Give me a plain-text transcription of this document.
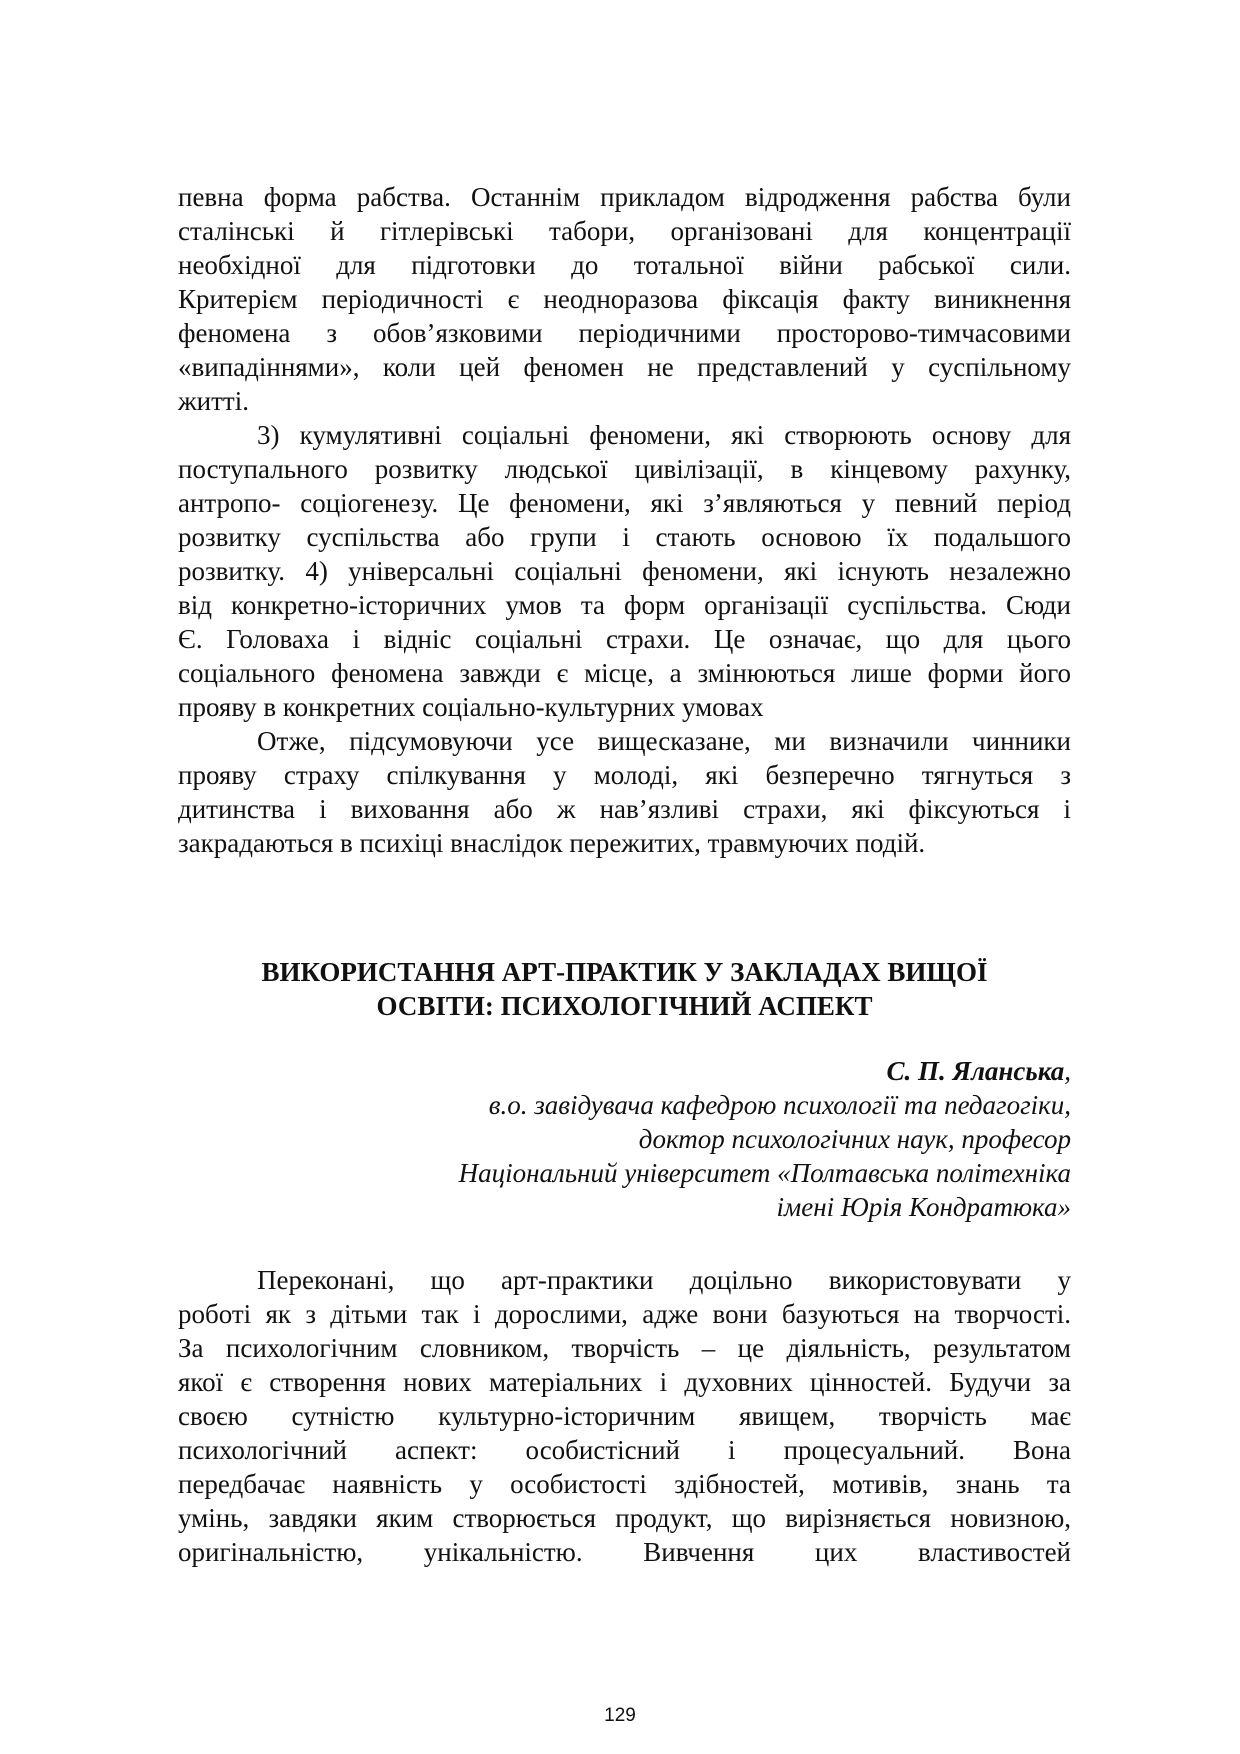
певна форма рабства. Останнім прикладом відродження рабства були
сталінські й гітлерівські табори, організовані для концентрації
необхідної для підготовки до тотальної війни рабської сили.
Критерієм періодичності є неодноразова фіксація факту виникнення
феномена з обов’язковими періодичними просторово-тимчасовими
«випадіннями», коли цей феномен не представлений у суспільному
житті.
3) кумулятивні соціальні феномени, які створюють основу для
поступального розвитку людської цивілізації, в кінцевому рахунку,
антропо- соціогенезу. Це феномени, які з’являються у певний період
розвитку суспільства або групи і стають основою їх подальшого
розвитку. 4) універсальні соціальні феномени, які існують незалежно
від конкретно-історичних умов та форм організації суспільства. Сюди
Є. Головаха і відніс соціальні страхи. Це означає, що для цього
соціального феномена завжди є місце, а змінюються лише форми його
прояву в конкретних соціально-культурних умовах
Отже, підсумовуючи усе вищесказане, ми визначили чинники
прояву страху спілкування у молоді, які безперечно тягнуться з
дитинства і виховання або ж нав’язливі страхи, які фіксуються і
закрадаються в психіці внаслідок пережитих, травмуючих подій.
ВИКОРИСТАННЯ АРТ-ПРАКТИК У ЗАКЛАДАХ ВИЩОЇ
ОСВІТИ: ПСИХОЛОГІЧНИЙ АСПЕКТ
С. П. Яланська,
в.о. завідувача кафедрою психології та педагогіки,
доктор психологічних наук, професор
Національний університет «Полтавська політехніка
імені Юрія Кондратюка»
Переконані, що арт-практики доцільно використовувати у
роботі як з дітьми так і дорослими, адже вони базуються на творчості.
За психологічним словником, творчість – це діяльність, результатом
якої є створення нових матеріальних і духовних цінностей. Будучи за
своєю сутністю культурно-історичним явищем, творчість має
психологічний аспект: особистісний і процесуальний. Вона
передбачає наявність у особистості здібностей, мотивів, знань та
умінь, завдяки яким створюється продукт, що вирізняється новизною,
оригінальністю, унікальністю. Вивчення цих властивостей
129
